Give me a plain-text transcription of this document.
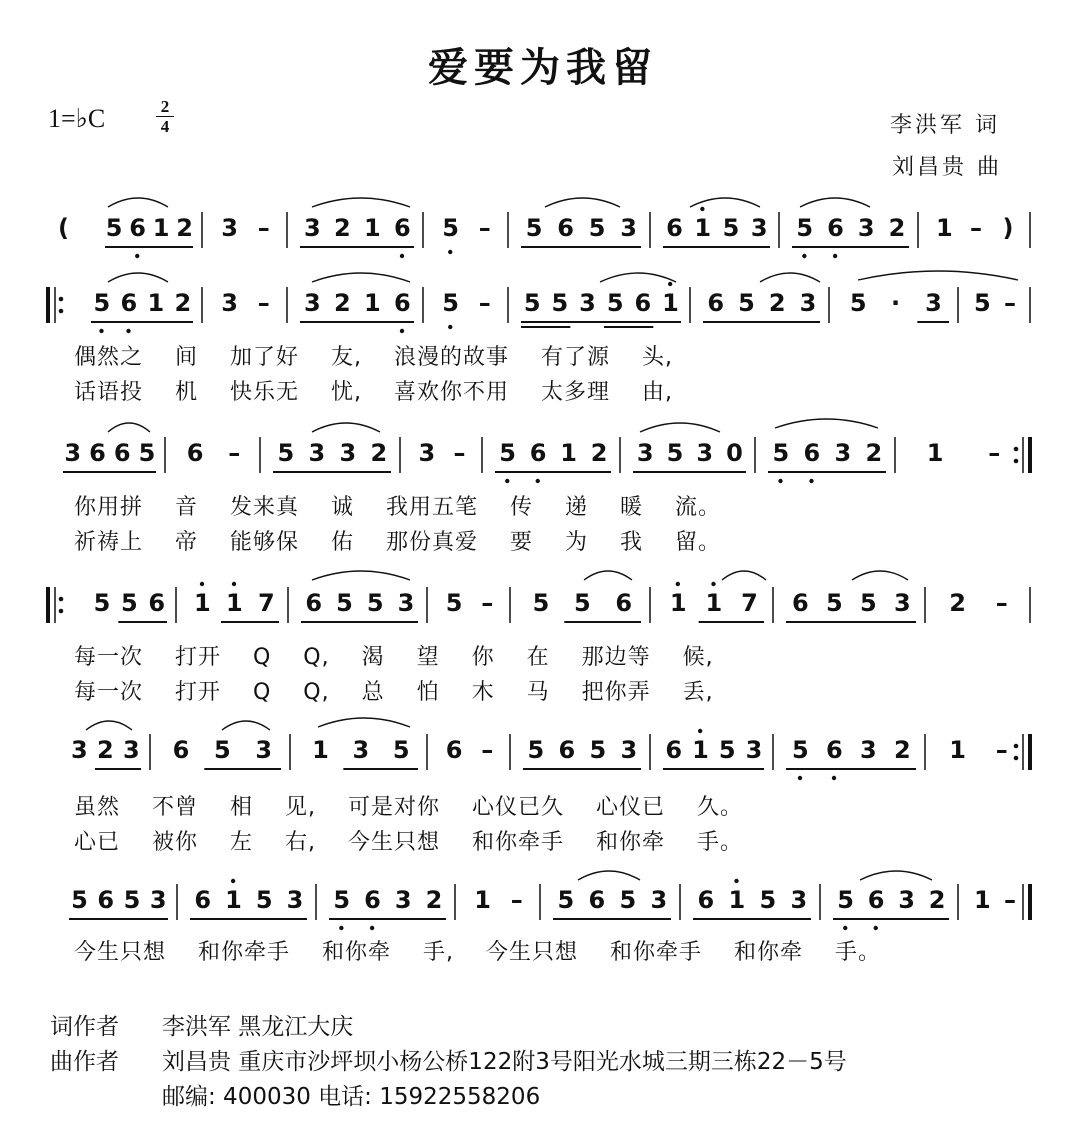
爱要为我留
1=♭C	2
4	李洪军 词
刘昌贵 曲
( 5 6 1 2 3 – 3 2 1 6 5 – 5 6 5 3 6 1 5 3 5 6 3 2 1 – )
5 6 1 2 3 – 3 2 1 6 5 – 5 5 3 5 6 1 6 5 2 3 5 · 3 5 –
偶然之 间 加了好 友, 浪漫的故事 有了源 头,
话语投 机 快乐无 忧, 喜欢你不用 太多理 由,
3 6 6 5 6 – 5 3 3 2 3 – 5 6 1 2 3 5 3 0 5 6 3 2 1 –
你用拼 音 发来真 诚 我用五笔 传 递 暖 流。
祈祷上 帝 能够保 佑 那份真爱 要 为 我 留。
5 5 6 1 1 7 6 5 5 3 5 – 5 5 6 1 1 7 6 5 5 3 2 –
每一次 打开 Q Q, 渴 望 你 在 那边等 候,
每一次 打开 Q Q, 总 怕 木 马 把你弄 丢,
3 2 3 6 5 3 1 3 5 6 – 5 6 5 3 6 1 5 3 5 6 3 2 1 –
虽然 不曾 相 见, 可是对你 心仪已久 心仪已 久。
心已 被你 左 右, 今生只想 和你牵手 和你牵 手。
5 6 5 3 6 1 5 3 5 6 3 2 1 – 5 6 5 3 6 1 5 3 5 6 3 2 1 –
今生只想 和你牵手 和你牵 手, 今生只想 和你牵手 和你牵 手。
词作者 李洪军 黑龙江大庆
曲作者 刘昌贵 重庆市沙坪坝小杨公桥122附3号阳光水城三期三栋22－5号
邮编: 400030 电话: 15922558206
